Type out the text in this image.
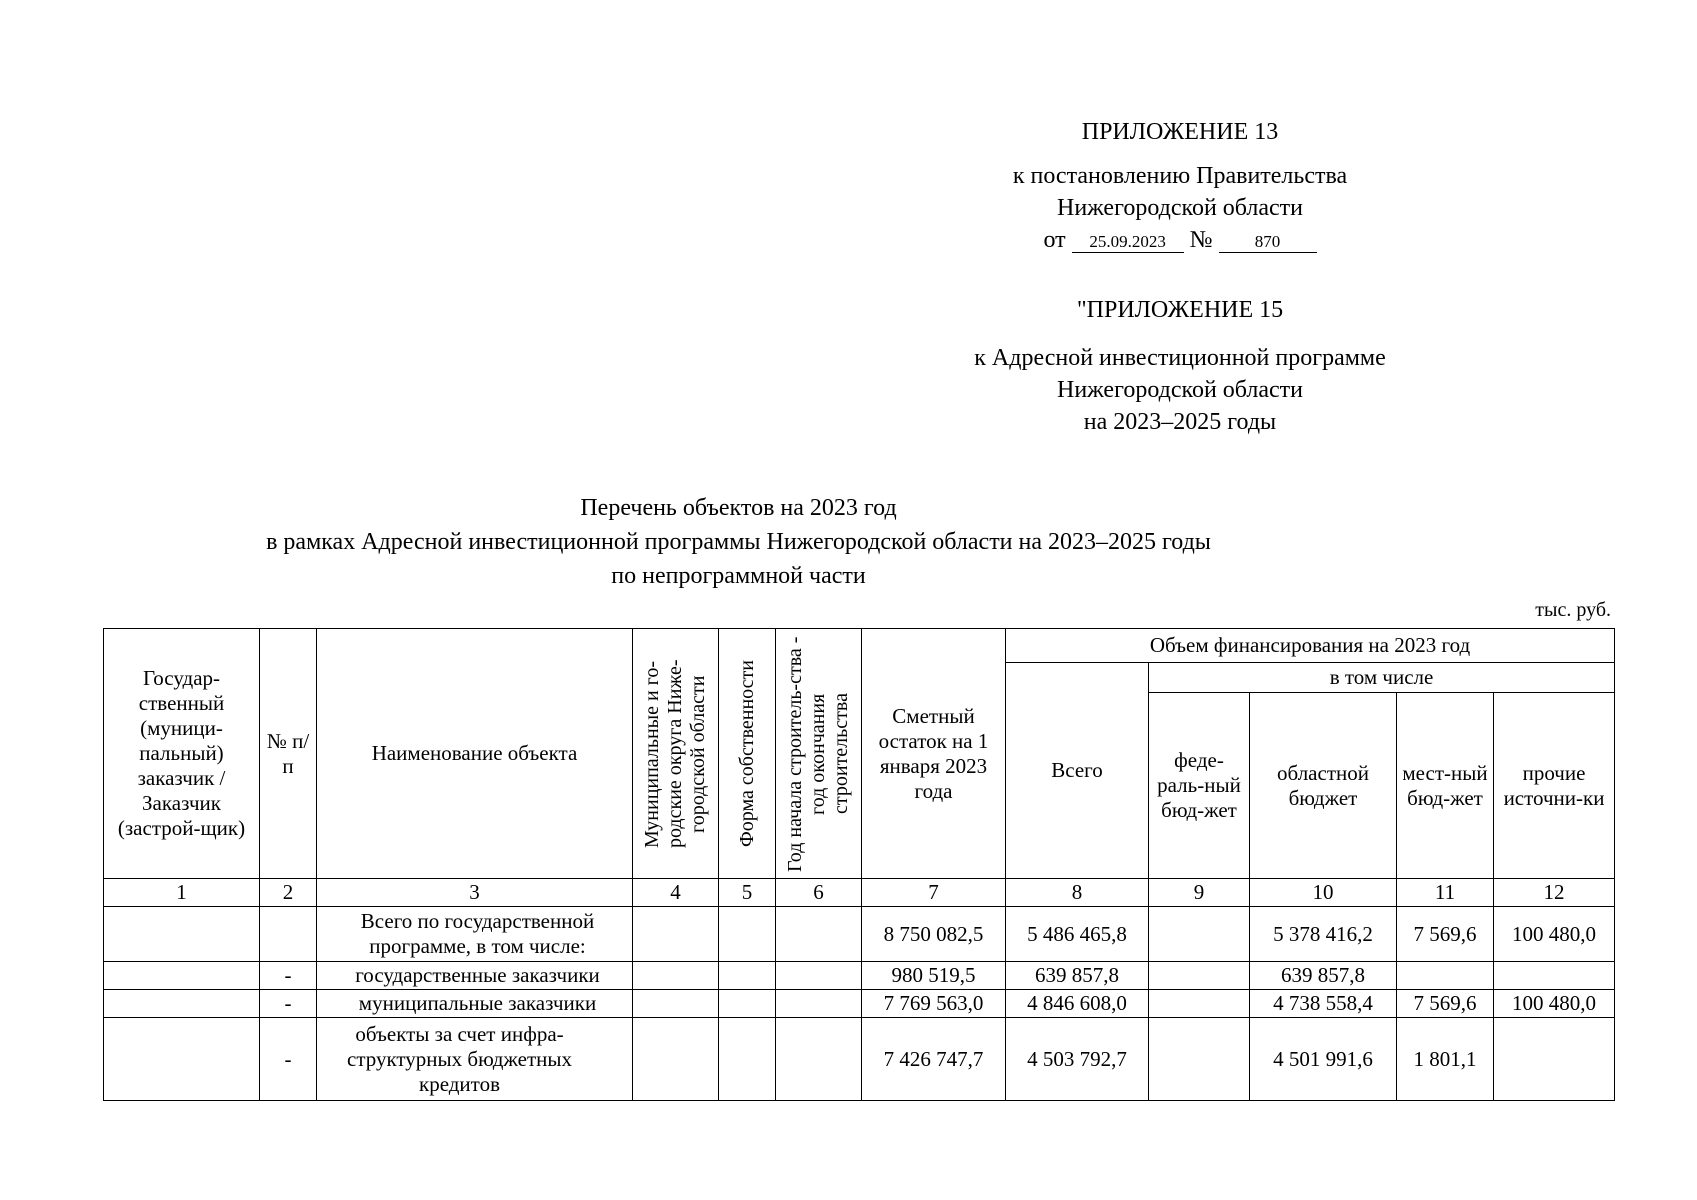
ПРИЛОЖЕНИЕ 13
к постановлению Правительства
Нижегородской области
от 25.09.2023 № 870
"ПРИЛОЖЕНИЕ 15
к Адресной инвестиционной программе
Нижегородской области
на 2023–2025 годы
Перечень объектов на 2023 год
в рамках Адресной инвестиционной программы Нижегородской области на 2023–2025 годы
по непрограммной части
тыс. руб.
Государ-ственный (муници-пальный) заказчик / Заказчик (застрой-щик)	№ п/п	Наименование объекта	Муниципальные и го-родские округа Ниже-городской области	Форма собственности	Год начала строитель-ства - год окончания строительства	Сметный остаток на 1 января 2023 года	Объем финансирования на 2023 год				
							Всего	в том числе			
								феде-раль-ный бюд-жет	областной бюджет	мест-ный бюд-жет	прочие источни-ки
1	2	3	4	5	6	7	8	9	10	11	12
		Всего по государственной программе, в том числе:				8 750 082,5	5 486 465,8		5 378 416,2	7 569,6	100 480,0
	-	государственные заказчики				980 519,5	639 857,8		639 857,8		
	-	муниципальные заказчики				7 769 563,0	4 846 608,0		4 738 558,4	7 569,6	100 480,0
	-	объекты за счет инфра-структурных бюджетных кредитов				7 426 747,7	4 503 792,7		4 501 991,6	1 801,1	
